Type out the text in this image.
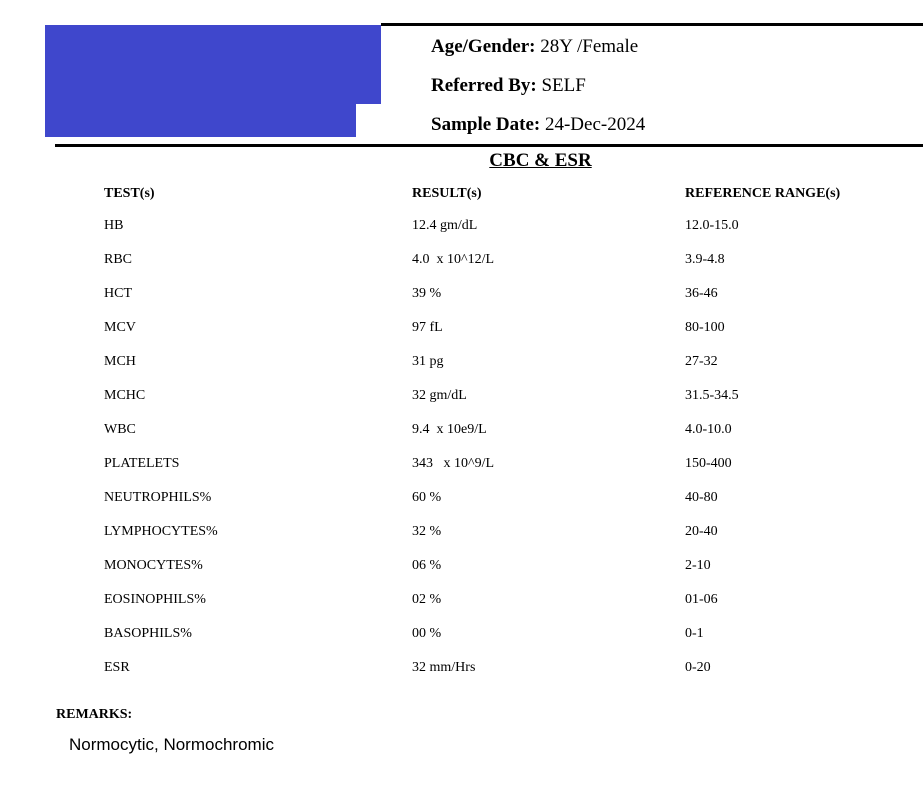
Age/Gender: 28Y /Female
Referred By: SELF
Sample Date: 24-Dec-2024
CBC & ESR
TEST(s)	RESULT(s)	REFERENCE RANGE(s)
HB	12.4 gm/dL	12.0-15.0
RBC	4.0  x 10^12/L	3.9-4.8
HCT	39 %	36-46
MCV	97 fL	80-100
MCH	31 pg	27-32
MCHC	32 gm/dL	31.5-34.5
WBC	9.4  x 10e9/L	4.0-10.0
PLATELETS	343   x 10^9/L	150-400
NEUTROPHILS%	60 %	40-80
LYMPHOCYTES%	32 %	20-40
MONOCYTES%	06 %	2-10
EOSINOPHILS%	02 %	01-06
BASOPHILS%	00 %	0-1
ESR	32 mm/Hrs	0-20
REMARKS:
Normocytic, Normochromic
